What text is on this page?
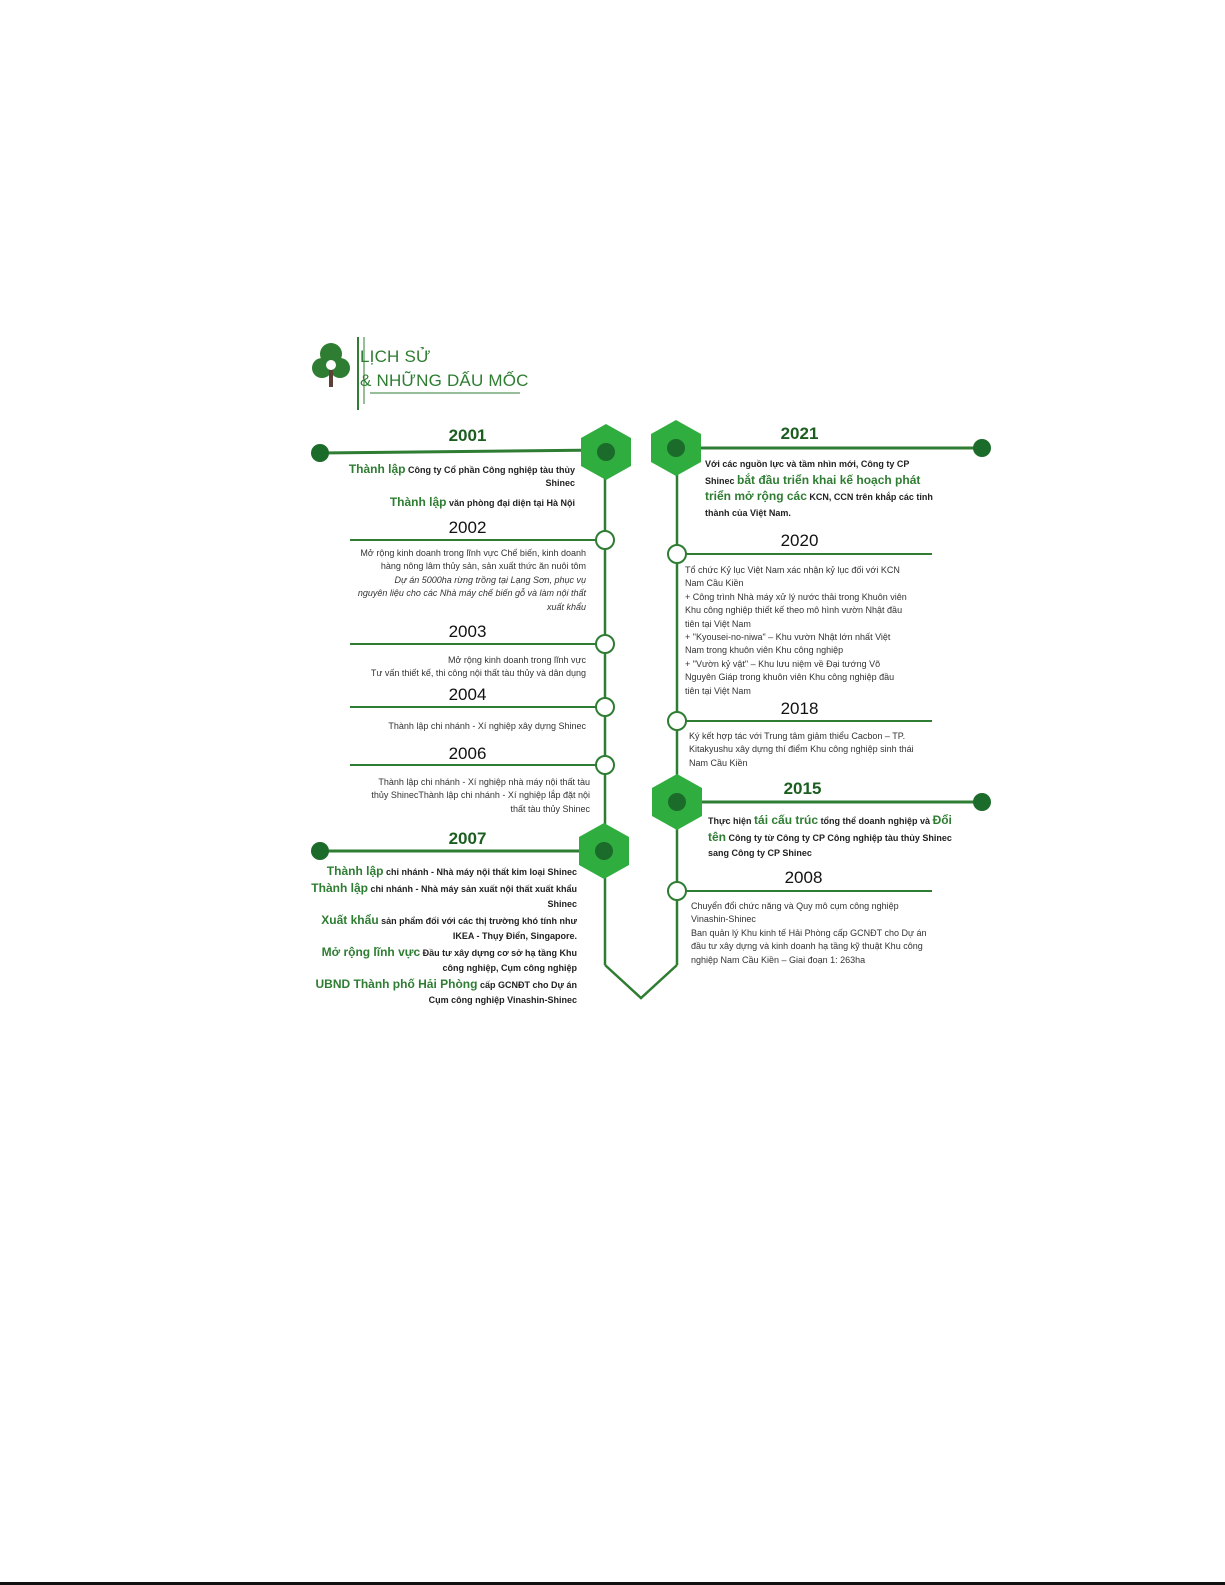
LỊCH SỬ
& NHỮNG DẤU MỐC
2001
Thành lập Công ty Cổ phần Công nghiệp tàu thủy
Shinec
Thành lập văn phòng đại diện tại Hà Nội
2002
Mở rộng kinh doanh trong lĩnh vực Chế biến, kinh doanh
hàng nông lâm thủy sản, sản xuất thức ăn nuôi tôm
Dự án 5000ha rừng trồng tại Lạng Sơn, phục vụ
nguyên liệu cho các Nhà máy chế biến gỗ và làm nội thất
xuất khẩu
2003
Mở rộng kinh doanh trong lĩnh vực
Tư vấn thiết kế, thi công nội thất tàu thủy và dân dụng
2004
Thành lập chi nhánh - Xí nghiệp xây dựng Shinec
2006
Thành lập chi nhánh - Xí nghiệp nhà máy nội thất tàu
thủy ShinecThành lập chi nhánh - Xí nghiệp lắp đặt nội
thất tàu thủy Shinec
2007
Thành lập chi nhánh - Nhà máy nội thất kim loại Shinec
Thành lập chi nhánh - Nhà máy sản xuất nội thất xuất khẩu
Shinec
Xuất khẩu sản phẩm đối với các thị trường khó tính như
IKEA - Thụy Điển, Singapore.
Mở rộng lĩnh vực Đầu tư xây dựng cơ sở hạ tầng Khu
công nghiệp, Cụm công nghiệp
UBND Thành phố Hải Phòng cấp GCNĐT cho Dự án
Cụm công nghiệp Vinashin-Shinec
2021
Với các nguồn lực và tầm nhìn mới, Công ty CP
Shinec bắt đầu triển khai kế hoạch phát
triển mở rộng các KCN, CCN trên khắp các tỉnh
thành của Việt Nam.
2020
Tổ chức Kỷ lục Việt Nam xác nhận kỷ lục đối với KCN
Nam Cầu Kiền
+ Công trình Nhà máy xử lý nước thải trong Khuôn viên
Khu công nghiệp thiết kế theo mô hình vườn Nhật đầu
tiên tại Việt Nam
+ "Kyousei-no-niwa" – Khu vườn Nhật lớn nhất Việt
Nam trong khuôn viên Khu công nghiệp
+ "Vườn kỷ vật" – Khu lưu niệm về Đại tướng Võ
Nguyên Giáp trong khuôn viên Khu công nghiệp đầu
tiên tại Việt Nam
2018
Ký kết hợp tác với Trung tâm giảm thiểu Cacbon – TP.
Kitakyushu xây dựng thí điểm Khu công nghiệp sinh thái
Nam Cầu Kiền
2015
Thực hiện tái cấu trúc tổng thể doanh nghiệp và Đổi
tên Công ty từ Công ty CP Công nghiệp tàu thủy Shinec
sang Công ty CP Shinec
2008
Chuyển đổi chức năng và Quy mô cụm công nghiệp
Vinashin-Shinec
Ban quản lý Khu kinh tế Hải Phòng cấp GCNĐT cho Dự án
đầu tư xây dựng và kinh doanh hạ tầng kỹ thuật Khu công
nghiệp Nam Cầu Kiền – Giai đoạn 1: 263ha
